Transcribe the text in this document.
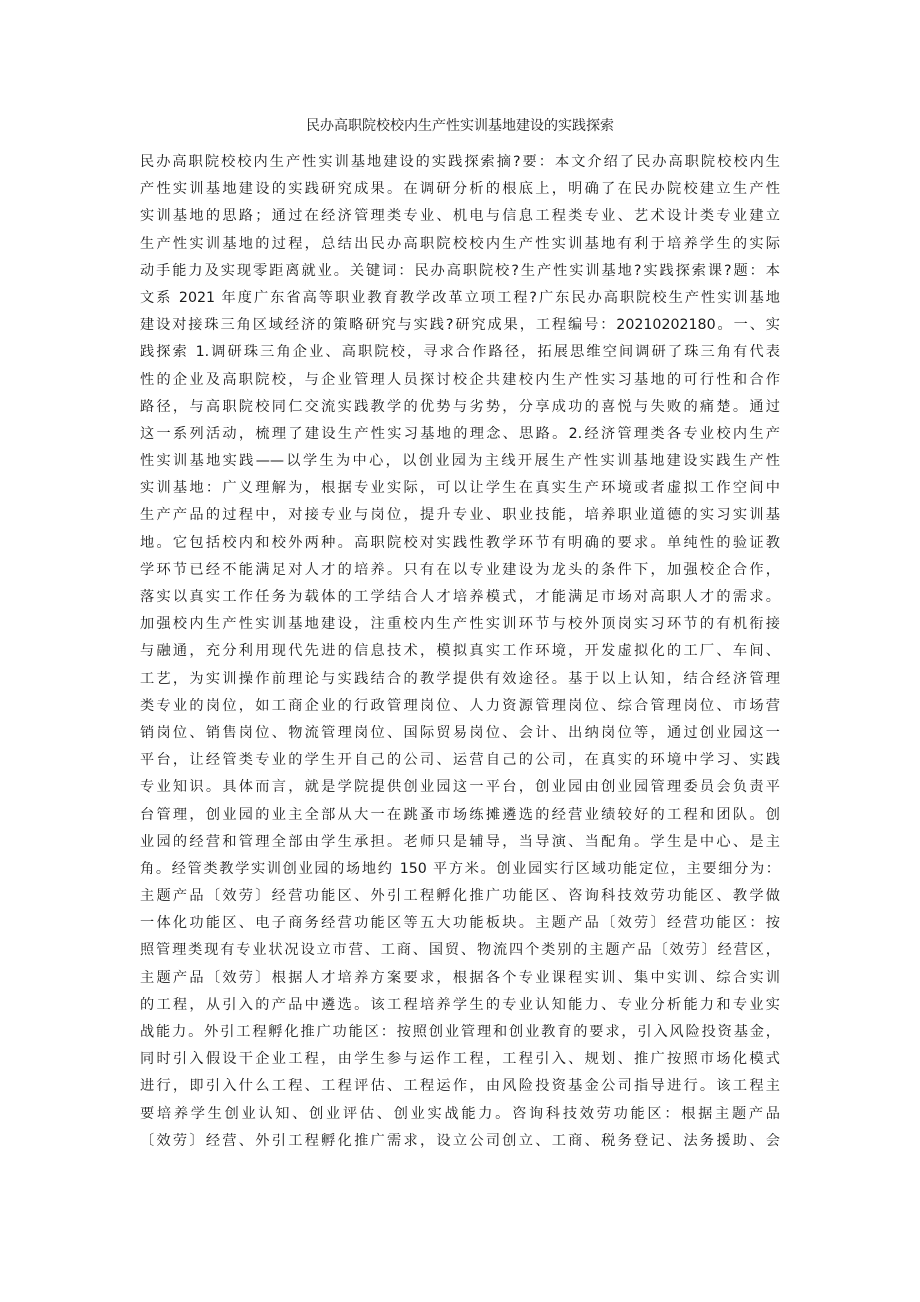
民办高职院校校内生产性实训基地建设的实践探索
民办高职院校校内生产性实训基地建设的实践探索摘?要：本文介绍了民办高职院校校内生
产性实训基地建设的实践研究成果。在调研分析的根底上，明确了在民办院校建立生产性
实训基地的思路；通过在经济管理类专业、机电与信息工程类专业、艺术设计类专业建立
生产性实训基地的过程，总结出民办高职院校校内生产性实训基地有利于培养学生的实际
动手能力及实现零距离就业。关键词：民办高职院校?生产性实训基地?实践探索课?题：本
文系 2021 年度广东省高等职业教育教学改革立项工程?广东民办高职院校生产性实训基地
建设对接珠三角区域经济的策略研究与实践?研究成果，工程编号：20210202180。一、实
践探索 1.调研珠三角企业、高职院校，寻求合作路径，拓展思维空间调研了珠三角有代表
性的企业及高职院校，与企业管理人员探讨校企共建校内生产性实习基地的可行性和合作
路径，与高职院校同仁交流实践教学的优势与劣势，分享成功的喜悦与失败的痛楚。通过
这一系列活动，梳理了建设生产性实习基地的理念、思路。2.经济管理类各专业校内生产
性实训基地实践——以学生为中心，以创业园为主线开展生产性实训基地建设实践生产性
实训基地：广义理解为，根据专业实际，可以让学生在真实生产环境或者虚拟工作空间中
生产产品的过程中，对接专业与岗位，提升专业、职业技能，培养职业道德的实习实训基
地。它包括校内和校外两种。高职院校对实践性教学环节有明确的要求。单纯性的验证教
学环节已经不能满足对人才的培养。只有在以专业建设为龙头的条件下，加强校企合作，
落实以真实工作任务为载体的工学结合人才培养模式，才能满足市场对高职人才的需求。
加强校内生产性实训基地建设，注重校内生产性实训环节与校外顶岗实习环节的有机衔接
与融通，充分利用现代先进的信息技术，模拟真实工作环境，开发虚拟化的工厂、车间、
工艺，为实训操作前理论与实践结合的教学提供有效途径。基于以上认知，结合经济管理
类专业的岗位，如工商企业的行政管理岗位、人力资源管理岗位、综合管理岗位、市场营
销岗位、销售岗位、物流管理岗位、国际贸易岗位、会计、出纳岗位等，通过创业园这一
平台，让经管类专业的学生开自己的公司、运营自己的公司，在真实的环境中学习、实践
专业知识。具体而言，就是学院提供创业园这一平台，创业园由创业园管理委员会负责平
台管理，创业园的业主全部从大一在跳蚤市场练摊遴选的经营业绩较好的工程和团队。创
业园的经营和管理全部由学生承担。老师只是辅导，当导演、当配角。学生是中心、是主
角。经管类教学实训创业园的场地约 150 平方米。创业园实行区域功能定位，主要细分为：
主题产品〔效劳〕经营功能区、外引工程孵化推广功能区、咨询科技效劳功能区、教学做
一体化功能区、电子商务经营功能区等五大功能板块。主题产品〔效劳〕经营功能区：按
照管理类现有专业状况设立市营、工商、国贸、物流四个类别的主题产品〔效劳〕经营区，
主题产品〔效劳〕根据人才培养方案要求，根据各个专业课程实训、集中实训、综合实训
的工程，从引入的产品中遴选。该工程培养学生的专业认知能力、专业分析能力和专业实
战能力。外引工程孵化推广功能区：按照创业管理和创业教育的要求，引入风险投资基金，
同时引入假设干企业工程，由学生参与运作工程，工程引入、规划、推广按照市场化模式
进行，即引入什么工程、工程评估、工程运作，由风险投资基金公司指导进行。该工程主
要培养学生创业认知、创业评估、创业实战能力。咨询科技效劳功能区：根据主题产品
〔效劳〕经营、外引工程孵化推广需求，设立公司创立、工商、税务登记、法务援助、会
